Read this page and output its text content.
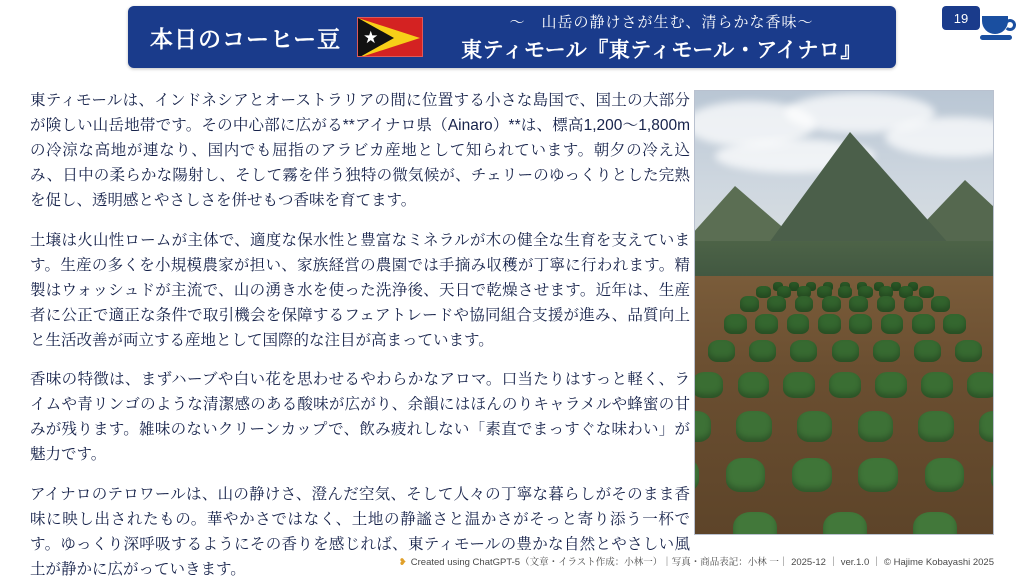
本日のコーヒー豆 ★
〜　山岳の静けさが生む、清らかな香味〜
東ティモール『東ティモール・アイナロ』
19

東ティモールは、インドネシアとオーストラリアの間に位置する小さな島国で、国土の大部分が険しい山岳地帯です。その中心部に広がる**アイナロ県（Ainaro）**は、標高1,200〜1,800mの冷涼な高地が連なり、国内でも屈指のアラビカ産地として知られています。朝夕の冷え込み、日中の柔らかな陽射し、そして霧を伴う独特の微気候が、チェリーのゆっくりとした完熟を促し、透明感とやさしさを併せもつ香味を育てます。

土壌は火山性ロームが主体で、適度な保水性と豊富なミネラルが木の健全な生育を支えています。生産の多くを小規模農家が担い、家族経営の農園では手摘み収穫が丁寧に行われます。精製はウォッシュドが主流で、山の湧き水を使った洗浄後、天日で乾燥させます。近年は、生産者に公正で適正な条件で取引機会を保障するフェアトレードや協同組合支援が進み、品質向上と生活改善が両立する産地として国際的な注目が高まっています。

香味の特徴は、まずハーブや白い花を思わせるやわらかなアロマ。口当たりはすっと軽く、ライムや青リンゴのような清潔感のある酸味が広がり、余韻にはほんのりキャラメルや蜂蜜の甘みが残ります。雑味のないクリーンカップで、飲み疲れしない「素直でまっすぐな味わい」が魅力です。

アイナロのテロワールは、山の静けさ、澄んだ空気、そして人々の丁寧な暮らしがそのまま香味に映し出されたもの。華やかさではなく、土地の静謐さと温かさがそっと寄り添う一杯です。ゆっくり深呼吸するようにその香りを感じれば、東ティモールの豊かな自然とやさしい風土が静かに広がっていきます。	❥ Created using ChatGPT-5（文章・イラスト作成：小林一）｜写真・商品表記：小林 一｜ 2025-12 ｜ ver.1.0 ｜ © Hajime Kobayashi 2025
